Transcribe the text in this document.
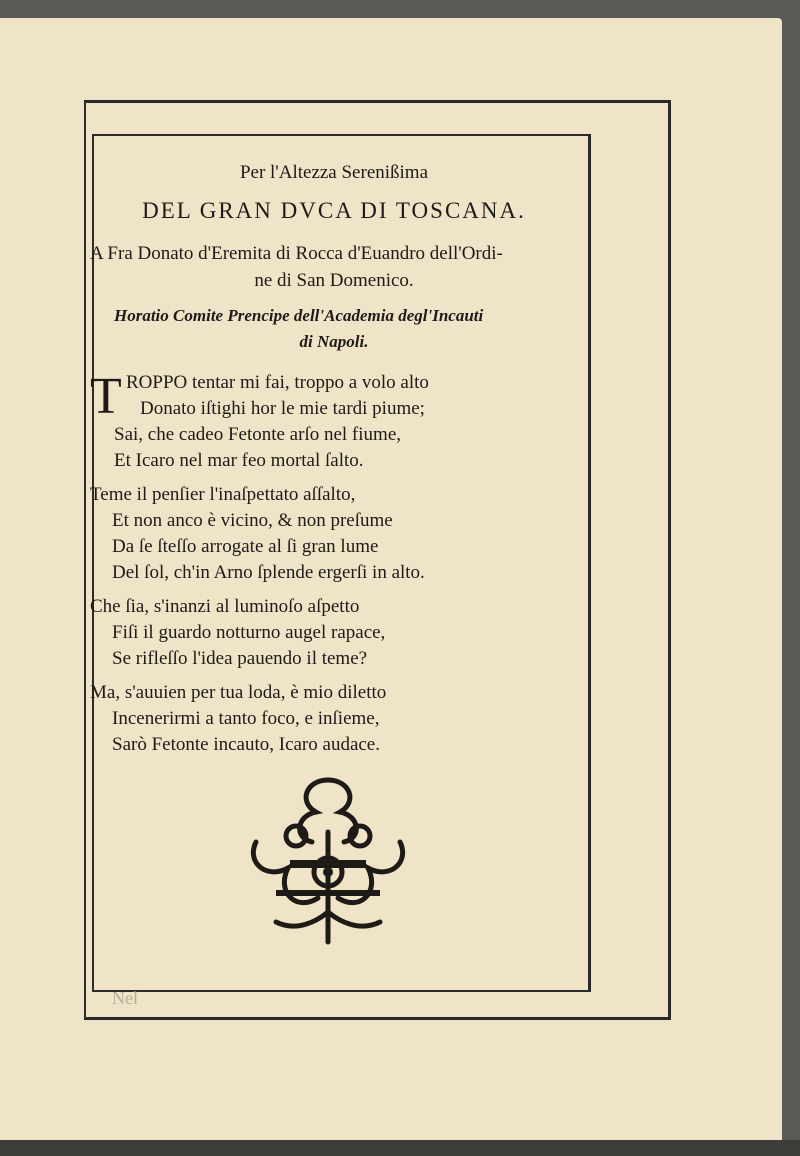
Per l'Altezza Serenißima
DEL GRAN DVCA DI TOSCANA.
A Fra Donato d'Eremita di Rocca d'Euandro dell'Ordi-
ne di San Domenico.
Horatio Comite Prencipe dell'Academia degl'Incauti
di Napoli.
T ROPPO tentar mi fai, troppo a volo alto
Donato iſtighi hor le mie tardi piume;
Sai, che cadeo Fetonte arſo nel fiume,
Et Icaro nel mar feo mortal ſalto.
Teme il penſier l'inaſpettato aſſalto,
Et non anco è vicino, & non preſume
Da ſe ſteſſo arrogate al ſi gran lume
Del ſol, ch'in Arno ſplende ergerſi in alto.
Che ſia, s'inanzi al luminoſo aſpetto
Fiſi il guardo notturno augel rapace,
Se rifleſſo l'idea pauendo il teme?
Ma, s'auuien per tua loda, è mio diletto
Incenerirmi a tanto foco, e inſieme,
Sarò Fetonte incauto, Icaro audace.
Nel
